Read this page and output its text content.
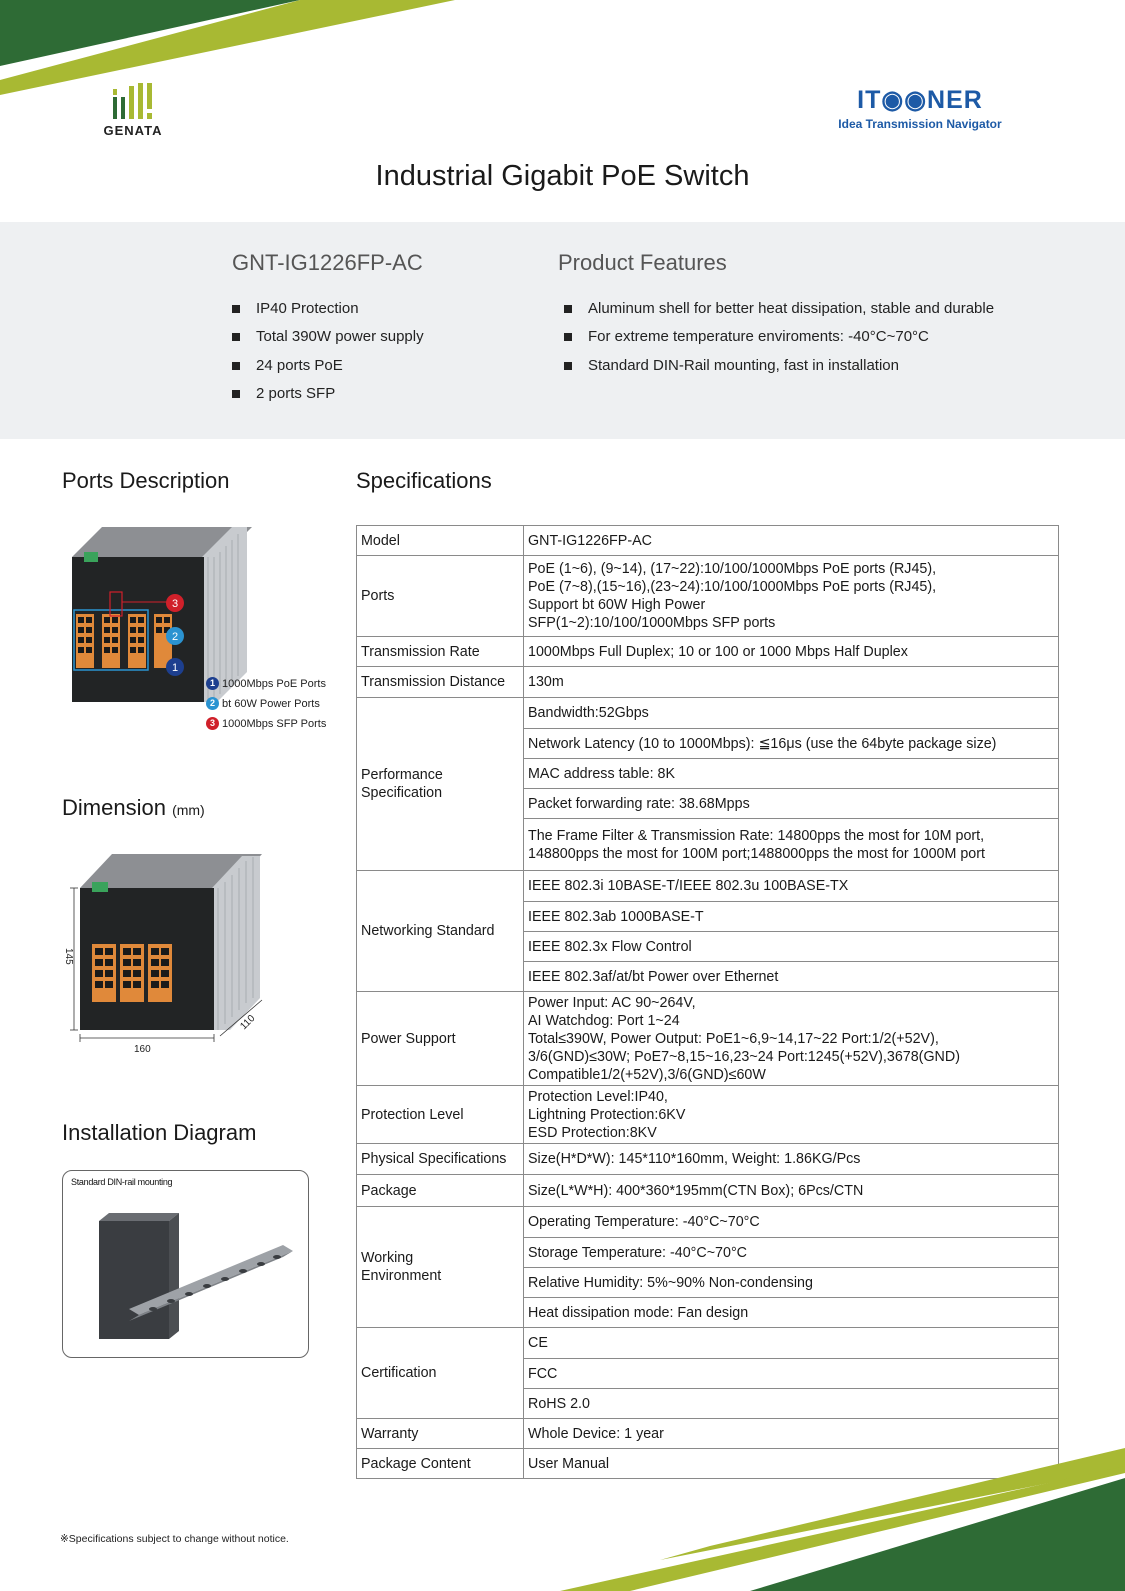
GENATA
IT◉◉NER
Idea Transmission Navigator
Industrial Gigabit PoE Switch
GNT-IG1226FP-AC
IP40 Protection
Total 390W power supply
24 ports PoE
2 ports SFP
Product Features
Aluminum shell for better heat dissipation, stable and durable
For extreme temperature enviroments: -40°C~70°C
Standard DIN-Rail mounting, fast in installation
Ports Description
3
2
1
1 1000Mbps PoE Ports
2 bt 60W Power Ports
3 1000Mbps SFP Ports
Dimension (mm)
145
160
110
Installation Diagram
Standard DIN-rail mounting
Specifications
Model	GNT-IG1226FP-AC
Ports	PoE (1~6), (9~14), (17~22):10/100/1000Mbps PoE ports (RJ45),
PoE (7~8),(15~16),(23~24):10/100/1000Mbps PoE ports (RJ45),
Support bt 60W High Power
SFP(1~2):10/100/1000Mbps SFP ports

Transmission Rate	1000Mbps Full Duplex; 10 or 100 or 1000 Mbps Half Duplex
Transmission Distance	130m

Performance
Specification	Bandwidth:52Gbps
	Network Latency (10 to 1000Mbps): ≦16μs (use the 64byte package size)
	MAC address table: 8K
	Packet forwarding rate: 38.68Mpps

	The Frame Filter & Transmission Rate: 14800pps the most for 10M port,
148800pps the most for 100M port;1488000pps the most for 1000M port

Networking Standard	IEEE 802.3i 10BASE-T/IEEE 802.3u 100BASE-TX
	IEEE 802.3ab 1000BASE-T
	IEEE 802.3x Flow Control
	IEEE 802.3af/at/bt Power over Ethernet
Power Support	Power Input: AC 90~264V,
AI Watchdog: Port 1~24
Total≤390W, Power Output: PoE1~6,9~14,17~22 Port:1/2(+52V),
3/6(GND)≤30W; PoE7~8,15~16,23~24 Port:1245(+52V),3678(GND)
Compatible1/2(+52V),3/6(GND)≤60W

Protection Level	Protection Level:IP40,
Lightning Protection:6KV
ESD Protection:8KV

Physical Specifications	Size(H*D*W): 145*110*160mm, Weight: 1.86KG/Pcs
Package	Size(L*W*H): 400*360*195mm(CTN Box); 6Pcs/CTN

Working
Environment	Operating Temperature: -40°C~70°C
	Storage Temperature: -40°C~70°C
	Relative Humidity: 5%~90% Non-condensing
	Heat dissipation mode: Fan design
Certification	CE
	FCC
	RoHS 2.0
Warranty	Whole Device: 1 year
Package Content	User Manual
※Specifications subject to change without notice.
